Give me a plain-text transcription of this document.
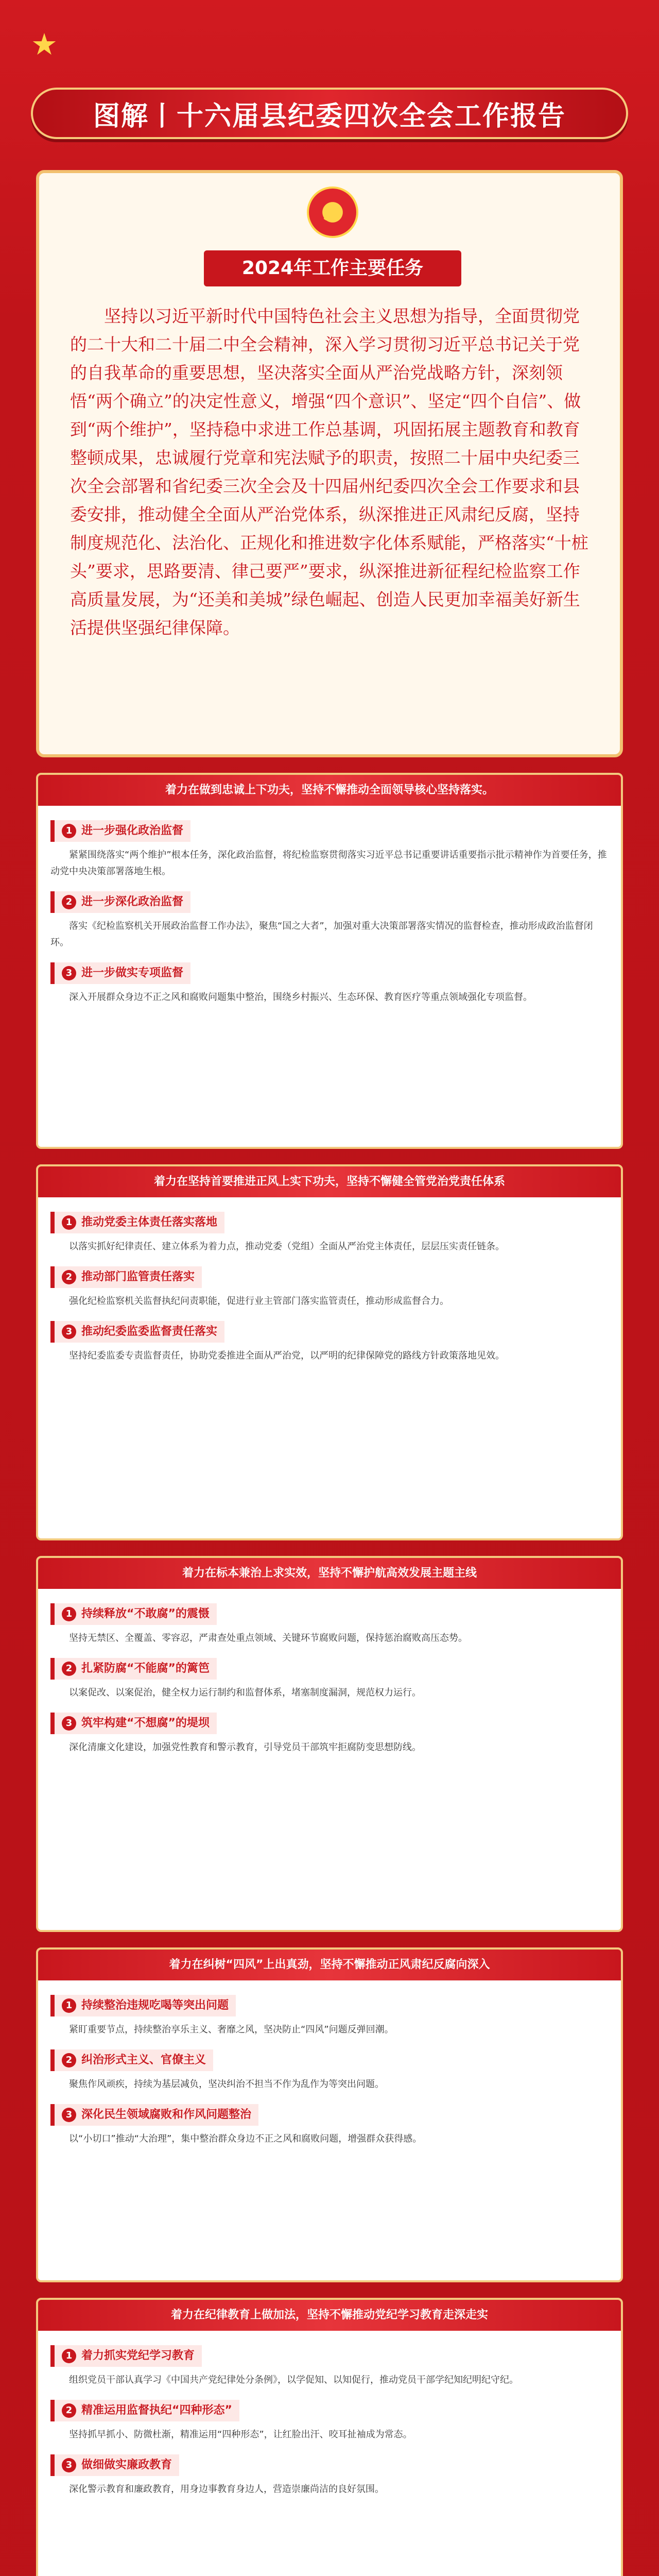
★
图解丨十六届县纪委四次全会工作报告
☭
2024年工作主要任务
坚持以习近平新时代中国特色社会主义思想为指导，全面贯彻党的二十大和二十届二中全会精神，深入学习贯彻习近平总书记关于党的自我革命的重要思想，坚决落实全面从严治党战略方针，深刻领悟“两个确立”的决定性意义，增强“四个意识”、坚定“四个自信”、做到“两个维护”，坚持稳中求进工作总基调，巩固拓展主题教育和教育整顿成果，忠诚履行党章和宪法赋予的职责，按照二十届中央纪委三次全会部署和省纪委三次全会及十四届州纪委四次全会工作要求和县委安排，推动健全全面从严治党体系，纵深推进正风肃纪反腐，坚持制度规范化、法治化、正规化和推进数字化体系赋能，严格落实“十桩头”要求，思路要清、律己要严”要求，纵深推进新征程纪检监察工作高质量发展，为“还美和美城”绿色崛起、创造人民更加幸福美好新生活提供坚强纪律保障。
着力在做到忠诚上下功夫，坚持不懈推动全面领导核心坚持落实。
1 进一步强化政治监督
紧紧围绕落实“两个维护”根本任务，深化政治监督，将纪检监察贯彻落实习近平总书记重要讲话重要指示批示精神作为首要任务，推动党中央决策部署落地生根。
2 进一步深化政治监督
落实《纪检监察机关开展政治监督工作办法》，聚焦“国之大者”，加强对重大决策部署落实情况的监督检查，推动形成政治监督闭环。
3 进一步做实专项监督
深入开展群众身边不正之风和腐败问题集中整治，围绕乡村振兴、生态环保、教育医疗等重点领域强化专项监督。
着力在坚持首要推进正风上实下功夫，坚持不懈健全管党治党责任体系
1 推动党委主体责任落实落地
以落实抓好纪律责任、建立体系为着力点，推动党委（党组）全面从严治党主体责任，层层压实责任链条。
2 推动部门监管责任落实
强化纪检监察机关监督执纪问责职能，促进行业主管部门落实监管责任，推动形成监督合力。
3 推动纪委监委监督责任落实
坚持纪委监委专责监督责任，协助党委推进全面从严治党，以严明的纪律保障党的路线方针政策落地见效。
着力在标本兼治上求实效，坚持不懈护航高效发展主题主线
1 持续释放“不敢腐”的震慑
坚持无禁区、全覆盖、零容忍，严肃查处重点领域、关键环节腐败问题，保持惩治腐败高压态势。
2 扎紧防腐“不能腐”的篱笆
以案促改、以案促治，健全权力运行制约和监督体系，堵塞制度漏洞，规范权力运行。
3 筑牢构建“不想腐”的堤坝
深化清廉文化建设，加强党性教育和警示教育，引导党员干部筑牢拒腐防变思想防线。
着力在纠树“四风”上出真劲，坚持不懈推动正风肃纪反腐向深入
1 持续整治违规吃喝等突出问题
紧盯重要节点，持续整治享乐主义、奢靡之风，坚决防止“四风”问题反弹回潮。
2 纠治形式主义、官僚主义
聚焦作风顽疾，持续为基层减负，坚决纠治不担当不作为乱作为等突出问题。
3 深化民生领域腐败和作风问题整治
以“小切口”推动“大治理”，集中整治群众身边不正之风和腐败问题，增强群众获得感。
着力在纪律教育上做加法，坚持不懈推动党纪学习教育走深走实
1 着力抓实党纪学习教育
组织党员干部认真学习《中国共产党纪律处分条例》，以学促知、以知促行，推动党员干部学纪知纪明纪守纪。
2 精准运用监督执纪“四种形态”
坚持抓早抓小、防微杜渐，精准运用“四种形态”，让红脸出汗、咬耳扯袖成为常态。
3 做细做实廉政教育
深化警示教育和廉政教育，用身边事教育身边人，营造崇廉尚洁的良好氛围。
